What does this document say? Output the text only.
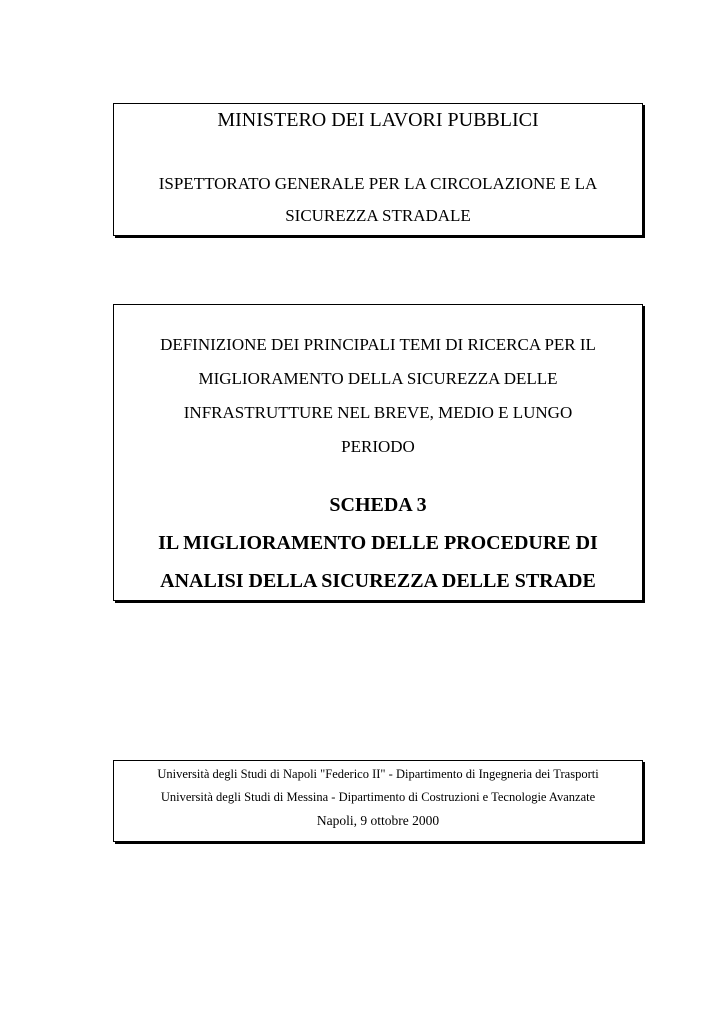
MINISTERO DEI LAVORI PUBBLICI
ISPETTORATO GENERALE PER LA CIRCOLAZIONE E LA
SICUREZZA STRADALE
DEFINIZIONE DEI PRINCIPALI TEMI DI RICERCA PER IL
MIGLIORAMENTO DELLA SICUREZZA DELLE
INFRASTRUTTURE NEL BREVE, MEDIO E LUNGO
PERIODO
SCHEDA 3
IL MIGLIORAMENTO DELLE PROCEDURE DI
ANALISI DELLA SICUREZZA DELLE STRADE
Università degli Studi di Napoli "Federico II" - Dipartimento di Ingegneria dei Trasporti
Università degli Studi di Messina - Dipartimento di Costruzioni e Tecnologie Avanzate
Napoli, 9 ottobre 2000
